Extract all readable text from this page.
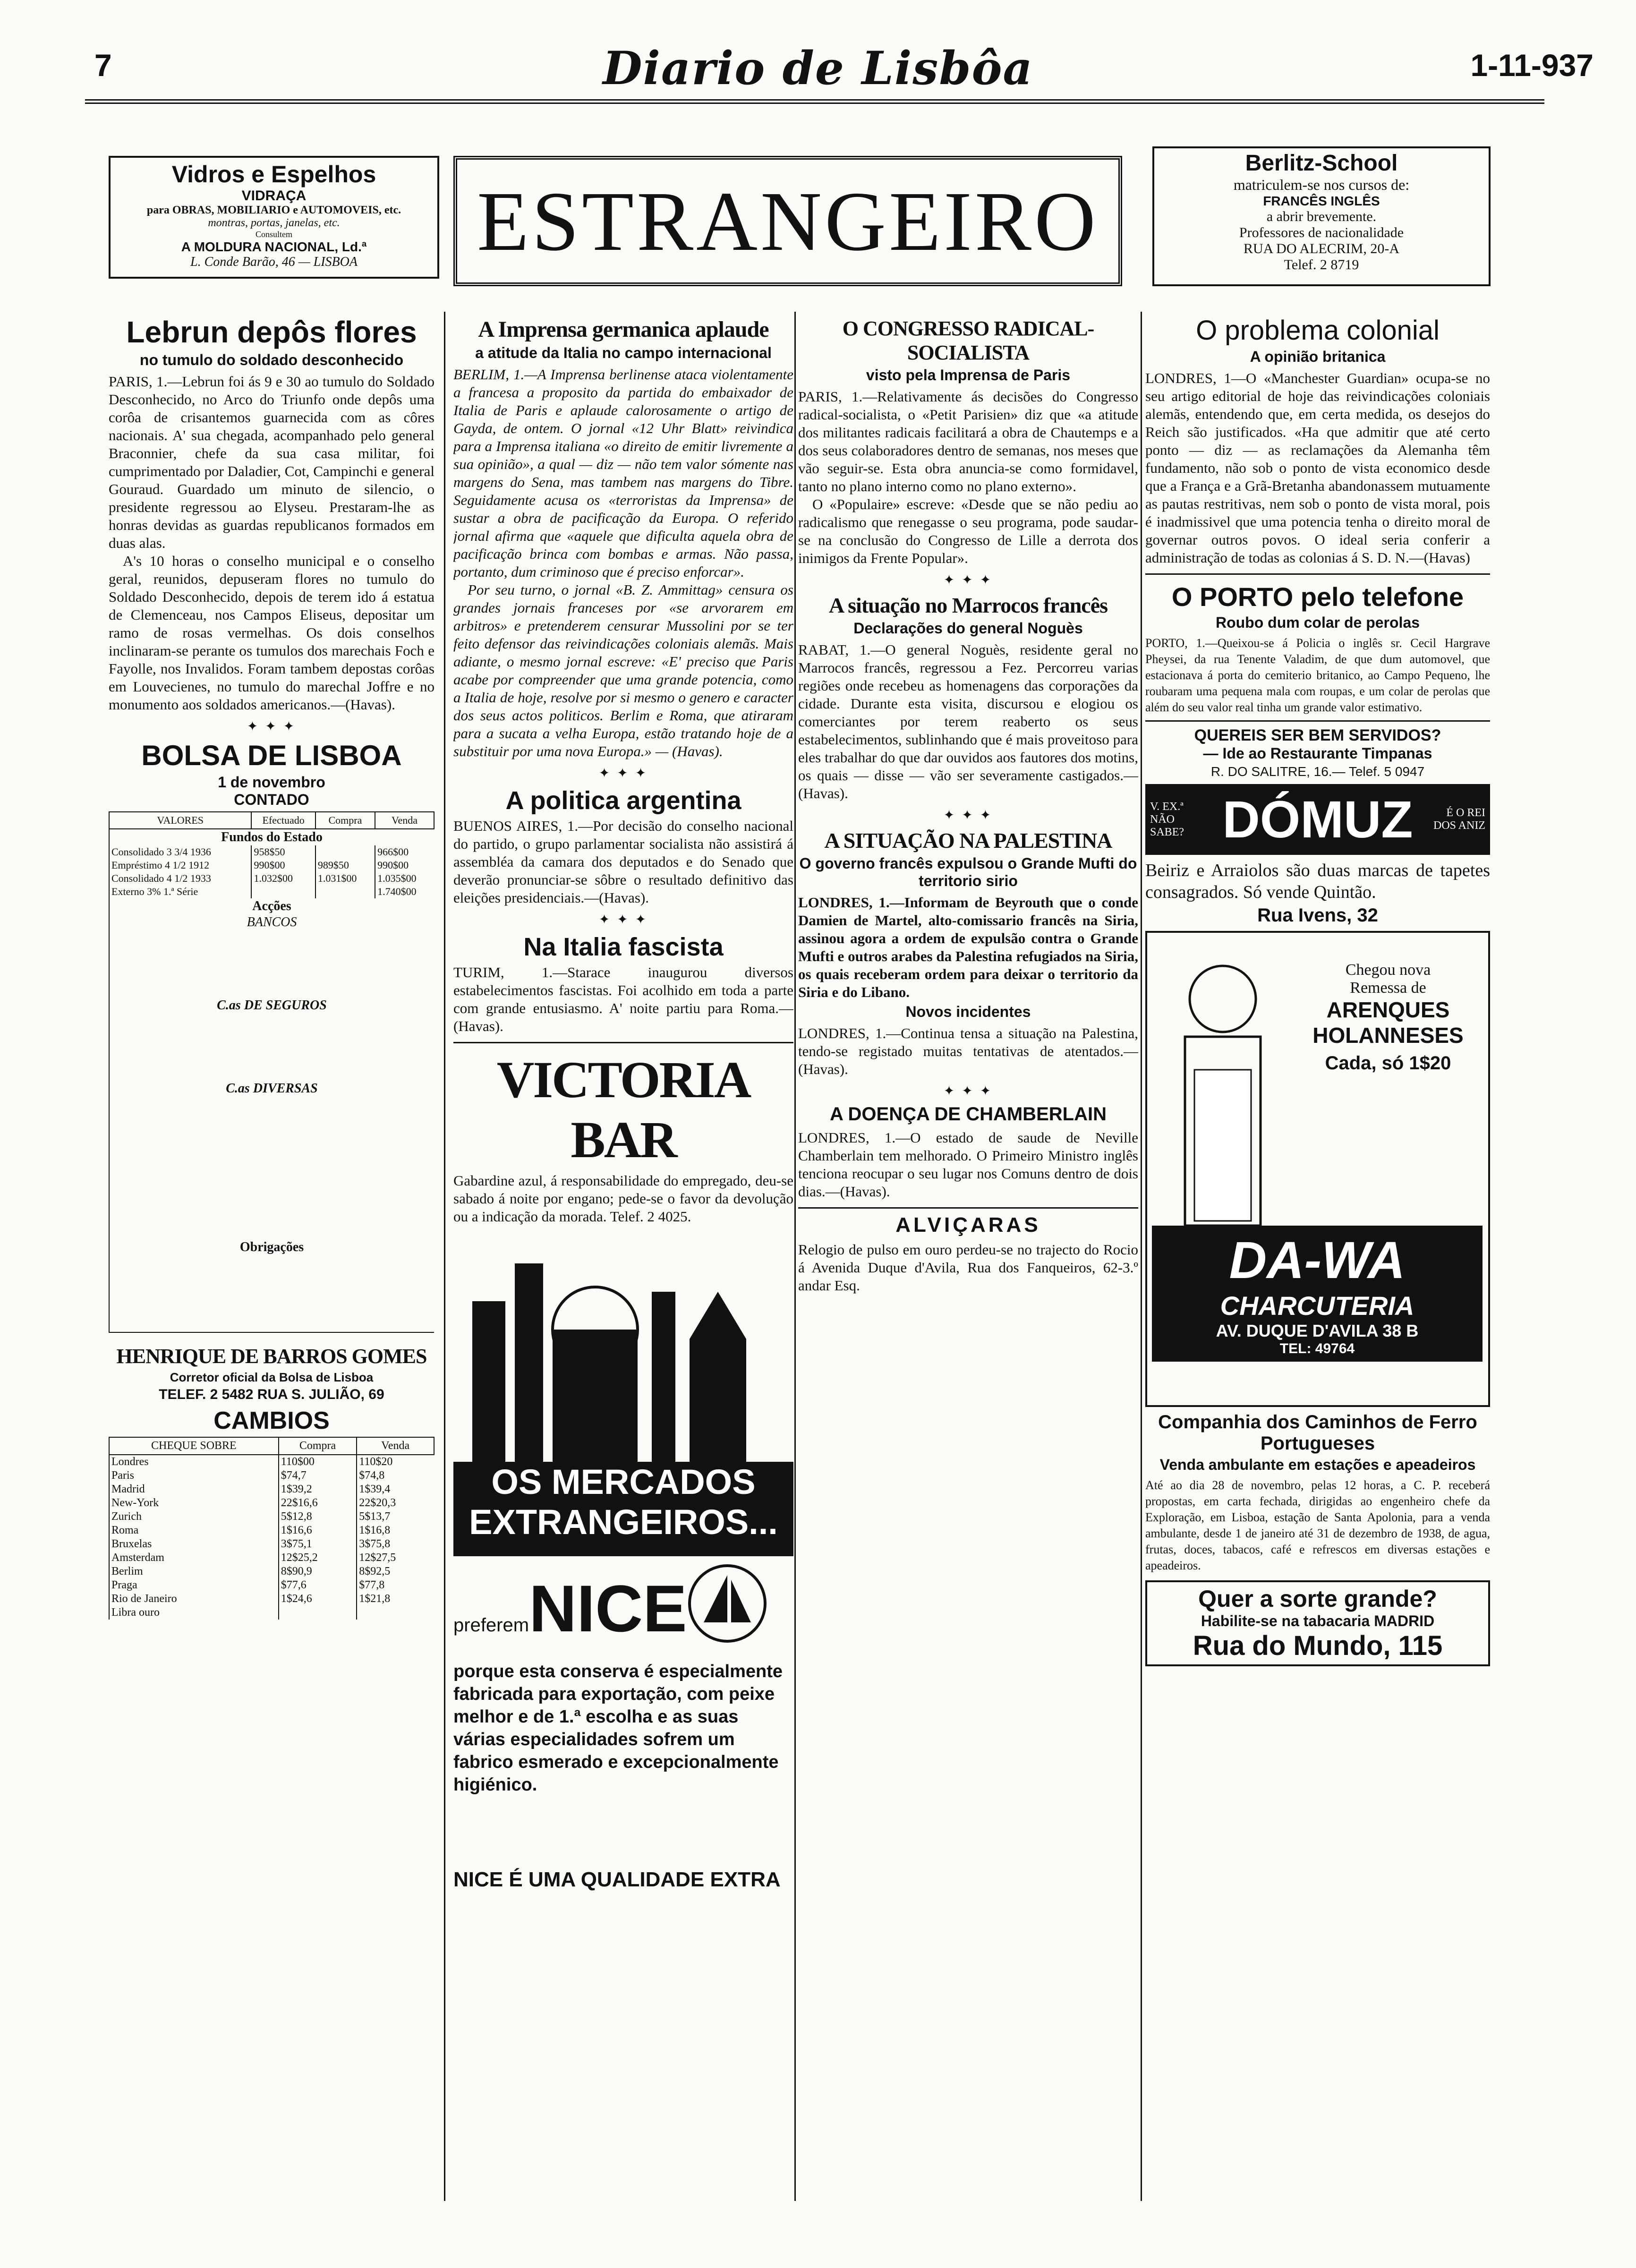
7	Diario de Lisbôa	1-11-937
Vidros e Espelhos
VIDRAÇA
para OBRAS, MOBILIARIO e AUTOMOVEIS, etc.
montras, portas, janelas, etc.
Consultem
A MOLDURA NACIONAL, Ld.ª
L. Conde Barão, 46 — LISBOA	ESTRANGEIRO
Berlitz-School
matriculem-se nos cursos de:
FRANCÊS INGLÊS
a abrir brevemente.
Professores de nacionalidade
RUA DO ALECRIM, 20-A
Telef. 2 8719
Lebrun depôs flores
no tumulo do soldado desconhecido

PARIS, 1.—Lebrun foi ás 9 e 30 ao tumulo do Soldado Desconhecido, no Arco do Triunfo onde depôs uma corôa de crisantemos guarnecida com as côres nacionais. A' sua chegada, acompanhado pelo general Braconnier, chefe da sua casa militar, foi cumprimentado por Daladier, Cot, Campinchi e general Gouraud. Guardado um minuto de silencio, o presidente regressou ao Elyseu. Prestaram-lhe as honras devidas as guardas republicanos formados em duas alas.

A's 10 horas o conselho municipal e o conselho geral, reunidos, depuseram flores no tumulo do Soldado Desconhecido, depois de terem ido á estatua de Clemenceau, nos Campos Eliseus, depositar um ramo de rosas vermelhas. Os dois conselhos inclinaram-se perante os tumulos dos marechais Foch e Fayolle, nos Invalidos. Foram tambem depostas corôas em Louvecienes, no tumulo do marechal Joffre e no monumento aos soldados americanos.—(Havas).

✦ ✦ ✦
BOLSA DE LISBOA
1 de novembro
CONTADO
VALORES	Efectuado	Compra	Venda
Fundos do Estado			
Consolidado 3 3/4 1936	958$50		966$00
Empréstimo 4 1/2 1912	990$00	989$50	990$00
Consolidado 4 1/2 1933	1.032$00	1.031$00	1.035$00
Externo 3% 1.ª Série			1.740$00
Acções			
BANCOS			

C.as DE SEGUROS			

C.as DIVERSAS			

Obrigações			

HENRIQUE DE BARROS GOMES
Corretor oficial da Bolsa de Lisboa
TELEF. 2 5482 RUA S. JULIÃO, 69
CAMBIOS
CHEQUE SOBRE	Compra	Venda
Londres	110$00	110$20
Paris	$74,7	$74,8
Madrid	1$39,2	1$39,4
New-York	22$16,6	22$20,3
Zurich	5$12,8	5$13,7
Roma	1$16,6	1$16,8
Bruxelas	3$75,1	3$75,8
Amsterdam	12$25,2	12$27,5
Berlim	8$90,9	8$92,5
Praga	$77,6	$77,8
Rio de Janeiro	1$24,6	1$21,8
Libra ouro		
A Imprensa germanica aplaude
a atitude da Italia no campo internacional

BERLIM, 1.—A Imprensa berlinense ataca violentamente a francesa a proposito da partida do embaixador de Italia de Paris e aplaude calorosamente o artigo de Gayda, de ontem. O jornal «12 Uhr Blatt» reivindica para a Imprensa italiana «o direito de emitir livremente a sua opinião», a qual — diz — não tem valor sómente nas margens do Sena, mas tambem nas margens do Tibre. Seguidamente acusa os «terroristas da Imprensa» de sustar a obra de pacificação da Europa. O referido jornal afirma que «aquele que dificulta aquela obra de pacificação brinca com bombas e armas. Não passa, portanto, dum criminoso que é preciso enforcar».

Por seu turno, o jornal «B. Z. Ammittag» censura os grandes jornais franceses por «se arvorarem em arbitros» e pretenderem censurar Mussolini por se ter feito defensor das reivindicações coloniais alemãs. Mais adiante, o mesmo jornal escreve: «E' preciso que Paris acabe por compreender que uma grande potencia, como a Italia de hoje, resolve por si mesmo o genero e caracter dos seus actos politicos. Berlim e Roma, que atiraram para a sucata a velha Europa, estão tratando hoje de a substituir por uma nova Europa.» — (Havas).

✦ ✦ ✦
A politica argentina

BUENOS AIRES, 1.—Por decisão do conselho nacional do partido, o grupo parlamentar socialista não assistirá á assembléa da camara dos deputados e do Senado que deverão pronunciar-se sôbre o resultado definitivo das eleições presidenciais.—(Havas).

✦ ✦ ✦
Na Italia fascista

TURIM, 1.—Starace inaugurou diversos estabelecimentos fascistas. Foi acolhido em toda a parte com grande entusiasmo. A' noite partiu para Roma.—(Havas).

VICTORIA BAR

Gabardine azul, á responsabilidade do empregado, deu-se sabado á noite por engano; pede-se o favor da devolução ou a indicação da morada. Telef. 2 4025.

OS MERCADOS
EXTRANGEIROS...
preferemNICE

porque esta conserva é especialmente fabricada para exportação, com peixe melhor e de 1.ª escolha e as suas várias especialidades sofrem um fabrico esmerado e excepcionalmente higiénico.

NICE É UMA QUALIDADE EXTRA
O CONGRESSO RADICAL-SOCIALISTA
visto pela Imprensa de Paris

PARIS, 1.—Relativamente ás decisões do Congresso radical-socialista, o «Petit Parisien» diz que «a atitude dos militantes radicais facilitará a obra de Chautemps e a dos seus colaboradores dentro de semanas, nos meses que vão seguir-se. Esta obra anuncia-se como formidavel, tanto no plano interno como no plano externo».

O «Populaire» escreve: «Desde que se não pediu ao radicalismo que renegasse o seu programa, pode saudar-se na conclusão do Congresso de Lille a derrota dos inimigos da Frente Popular».

✦ ✦ ✦
A situação no Marrocos francês
Declarações do general Noguès

RABAT, 1.—O general Noguès, residente geral no Marrocos francês, regressou a Fez. Percorreu varias regiões onde recebeu as homenagens das corporações da cidade. Durante esta visita, discursou e elogiou os comerciantes por terem reaberto os seus estabelecimentos, sublinhando que é mais proveitoso para eles trabalhar do que dar ouvidos aos fautores dos motins, os quais — disse — vão ser severamente castigados.—(Havas).

✦ ✦ ✦
A SITUAÇÃO NA PALESTINA
O governo francês expulsou o Grande Mufti do territorio sirio

LONDRES, 1.—Informam de Beyrouth que o conde Damien de Martel, alto-comissario francês na Siria, assinou agora a ordem de expulsão contra o Grande Mufti e outros arabes da Palestina refugiados na Siria, os quais receberam ordem para deixar o territorio da Siria e do Libano.

Novos incidentes

LONDRES, 1.—Continua tensa a situação na Palestina, tendo-se registado muitas tentativas de atentados.—(Havas).

✦ ✦ ✦
A DOENÇA DE CHAMBERLAIN

LONDRES, 1.—O estado de saude de Neville Chamberlain tem melhorado. O Primeiro Ministro inglês tenciona reocupar o seu lugar nos Comuns dentro de dois dias.—(Havas).

ALVIÇARAS

Relogio de pulso em ouro perdeu-se no trajecto do Rocio á Avenida Duque d'Avila, Rua dos Fanqueiros, 62-3.º andar Esq.

O problema colonial
A opinião britanica

LONDRES, 1—O «Manchester Guardian» ocupa-se no seu artigo editorial de hoje das reivindicações coloniais alemãs, entendendo que, em certa medida, os desejos do Reich são justificados. «Ha que admitir que até certo ponto — diz — as reclamações da Alemanha têm fundamento, não sob o ponto de vista economico desde que a França e a Grã-Bretanha abandonassem mutuamente as pautas restritivas, nem sob o ponto de vista moral, pois é inadmissivel que uma potencia tenha o direito moral de governar outros povos. O ideal seria conferir a administração de todas as colonias á S. D. N.—(Havas)

O PORTO pelo telefone
Roubo dum colar de perolas

PORTO, 1.—Queixou-se á Policia o inglês sr. Cecil Hargrave Pheysei, da rua Tenente Valadim, de que dum automovel, que estacionava á porta do cemiterio britanico, ao Campo Pequeno, lhe roubaram uma pequena mala com roupas, e um colar de perolas que além do seu valor real tinha um grande valor estimativo.

QUEREIS SER BEM SERVIDOS?
— Ide ao Restaurante Timpanas
R. DO SALITRE, 16.— Telef. 5 0947
V. EX.ª NÃO SABE? DÓMUZ	É O REI DOS ANIZ

Beiriz e Arraiolos são duas marcas de tapetes consagrados. Só vende Quintão.

Rua Ivens, 32
Chegou nova
Remessa de
ARENQUES HOLANNESES
Cada, só 1$20
DA-WA
CHARCUTERIA
AV. DUQUE D'AVILA 38 B
TEL: 49764
Companhia dos Caminhos de Ferro Portugueses
Venda ambulante em estações e apeadeiros

Até ao dia 28 de novembro, pelas 12 horas, a C. P. receberá propostas, em carta fechada, dirigidas ao engenheiro chefe da Exploração, em Lisboa, estação de Santa Apolonia, para a venda ambulante, desde 1 de janeiro até 31 de dezembro de 1938, de agua, frutas, doces, tabacos, café e refrescos em diversas estações e apeadeiros.

Quer a sorte grande?
Habilite-se na tabacaria MADRID
Rua do Mundo, 115
